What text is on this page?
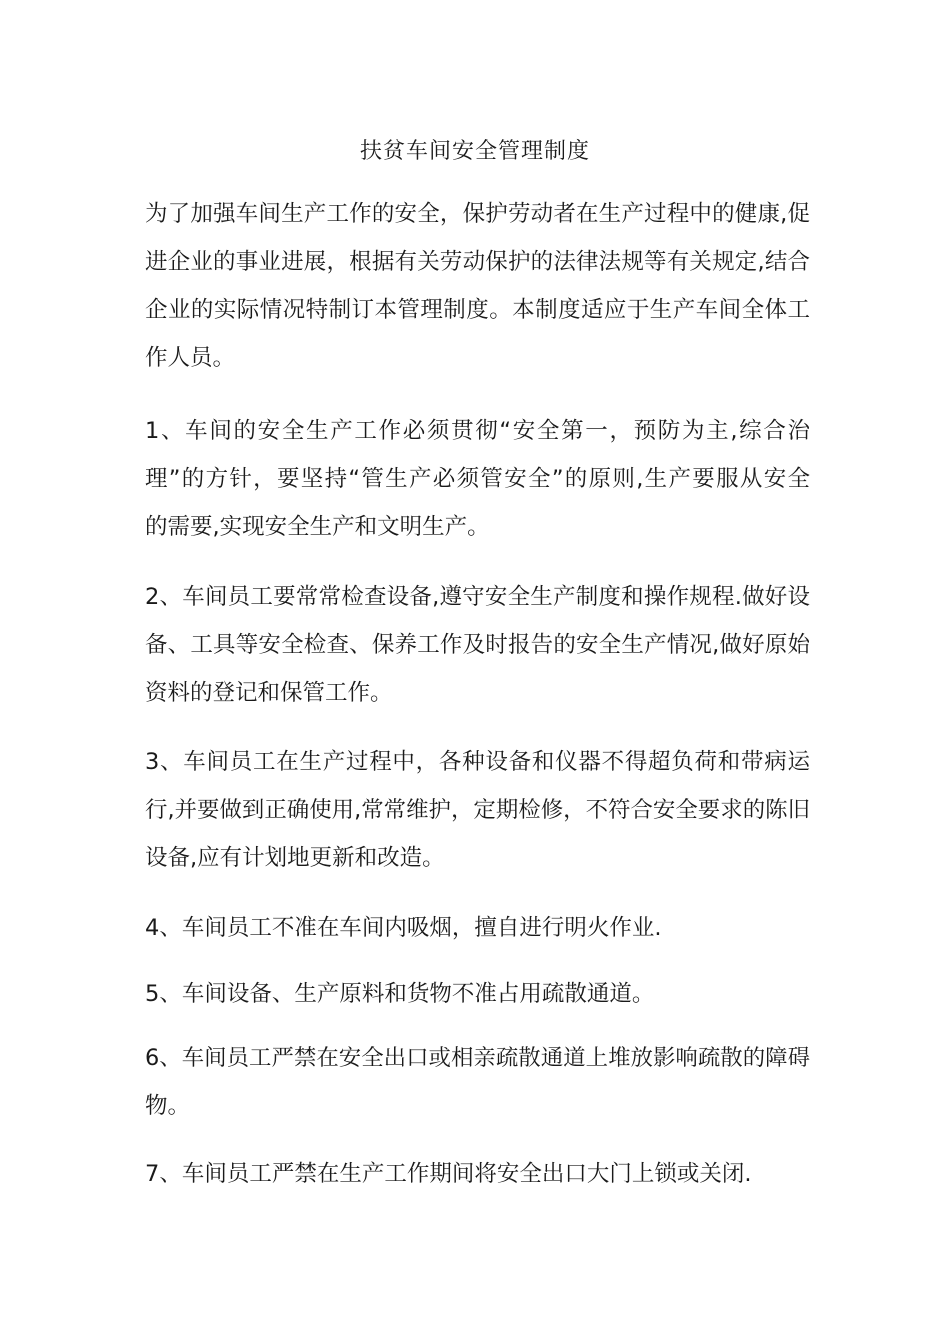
扶贫车间安全管理制度

为了加强车间生产工作的安全，保护劳动者在生产过程中的健康,促
进企业的事业进展，根据有关劳动保护的法律法规等有关规定,结合
企业的实际情况特制订本管理制度。本制度适应于生产车间全体工
作人员。

1、车间的安全生产工作必须贯彻“安全第一，预防为主,综合治
理”的方针，要坚持“管生产必须管安全”的原则,生产要服从安全
的需要,实现安全生产和文明生产。

2、车间员工要常常检查设备,遵守安全生产制度和操作规程.做好设
备、工具等安全检查、保养工作及时报告的安全生产情况,做好原始
资料的登记和保管工作。

3、车间员工在生产过程中，各种设备和仪器不得超负荷和带病运
行,并要做到正确使用,常常维护，定期检修，不符合安全要求的陈旧
设备,应有计划地更新和改造。

4、车间员工不准在车间内吸烟，擅自进行明火作业.

5、车间设备、生产原料和货物不准占用疏散通道。

6、车间员工严禁在安全出口或相亲疏散通道上堆放影响疏散的障碍
物。

7、车间员工严禁在生产工作期间将安全出口大门上锁或关闭.
